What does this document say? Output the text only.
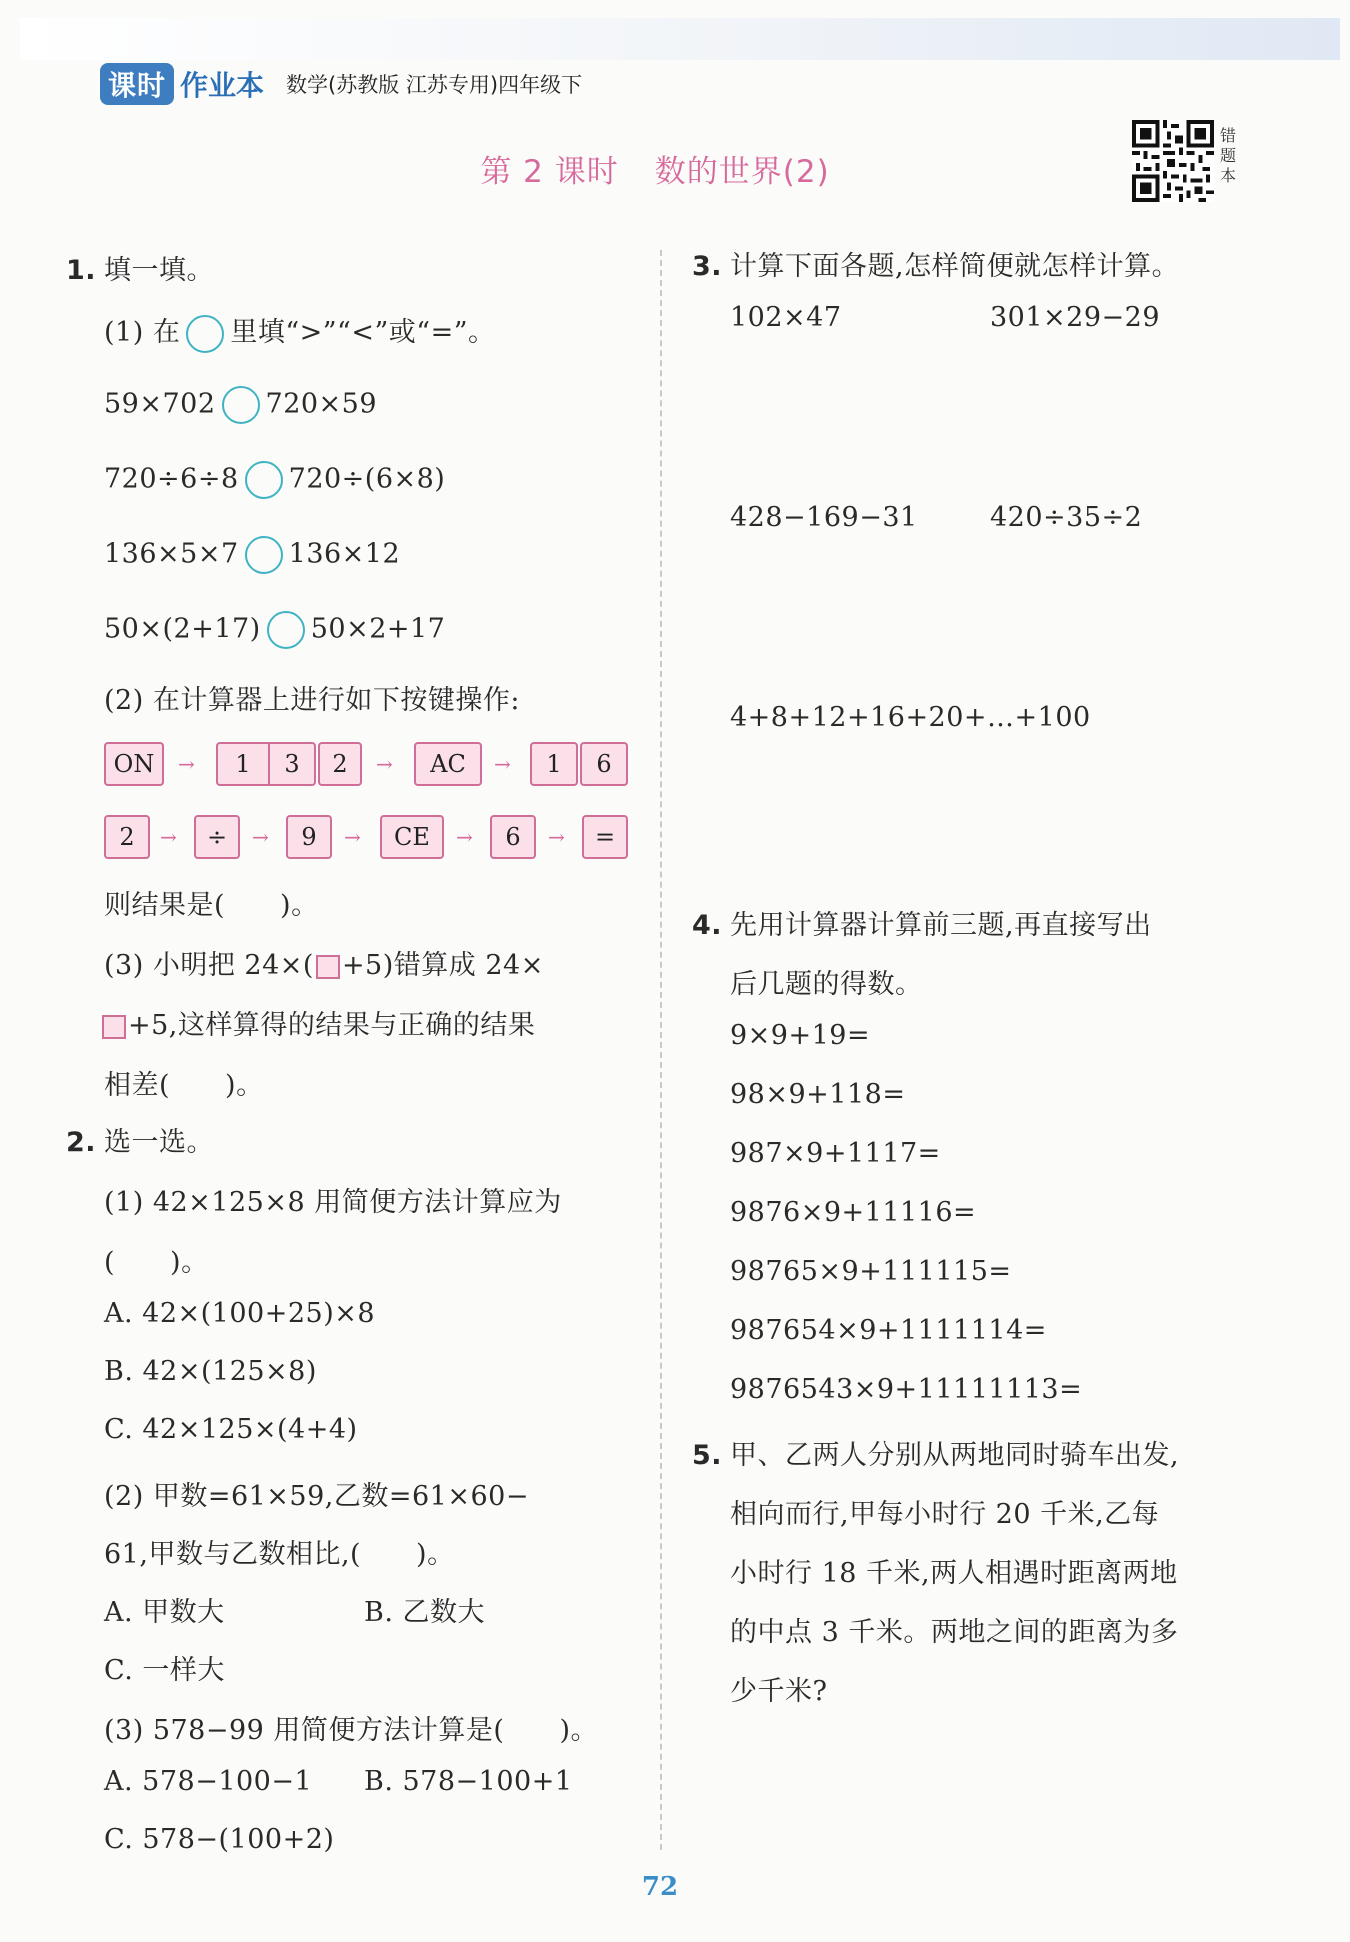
课时 作业本 数学(苏教版 江苏专用)四年级下
第 2 课时 数的世界(2)
错
题
本
1. 填一填。
(1) 在 里填“>”“<”或“=”。
59×702 720×59
720÷6÷8 720÷(6×8)
136×5×7 136×12
50×(2+17) 50×2+17
(2) 在计算器上进行如下按键操作:
ON	→	1	3	2	→	AC	→	1	6
2	→	÷	→	9	→	CE	→	6	→	=
则结果是(　　)。
(3) 小明把 24×( +5)错算成 24×
+5,这样算得的结果与正确的结果
相差(　　)。
2. 选一选。
(1) 42×125×8 用简便方法计算应为
(　　)。
A. 42×(100+25)×8
B. 42×(125×8)
C. 42×125×(4+4)
(2) 甲数=61×59,乙数=61×60−
61,甲数与乙数相比,(　　)。
A. 甲数大	B. 乙数大
C. 一样大
(3) 578−99 用简便方法计算是(　　)。
A. 578−100−1 B. 578−100+1
C. 578−(100+2)
3. 计算下面各题,怎样简便就怎样计算。
102×47	301×29−29
428−169−31	420÷35÷2
4+8+12+16+20+…+100
4. 先用计算器计算前三题,再直接写出
后几题的得数。
9×9+19=
98×9+118=
987×9+1117=
9876×9+11116=
98765×9+111115=
987654×9+1111114=
9876543×9+11111113=
5. 甲、乙两人分别从两地同时骑车出发,
相向而行,甲每小时行 20 千米,乙每
小时行 18 千米,两人相遇时距离两地
的中点 3 千米。两地之间的距离为多
少千米?
72
